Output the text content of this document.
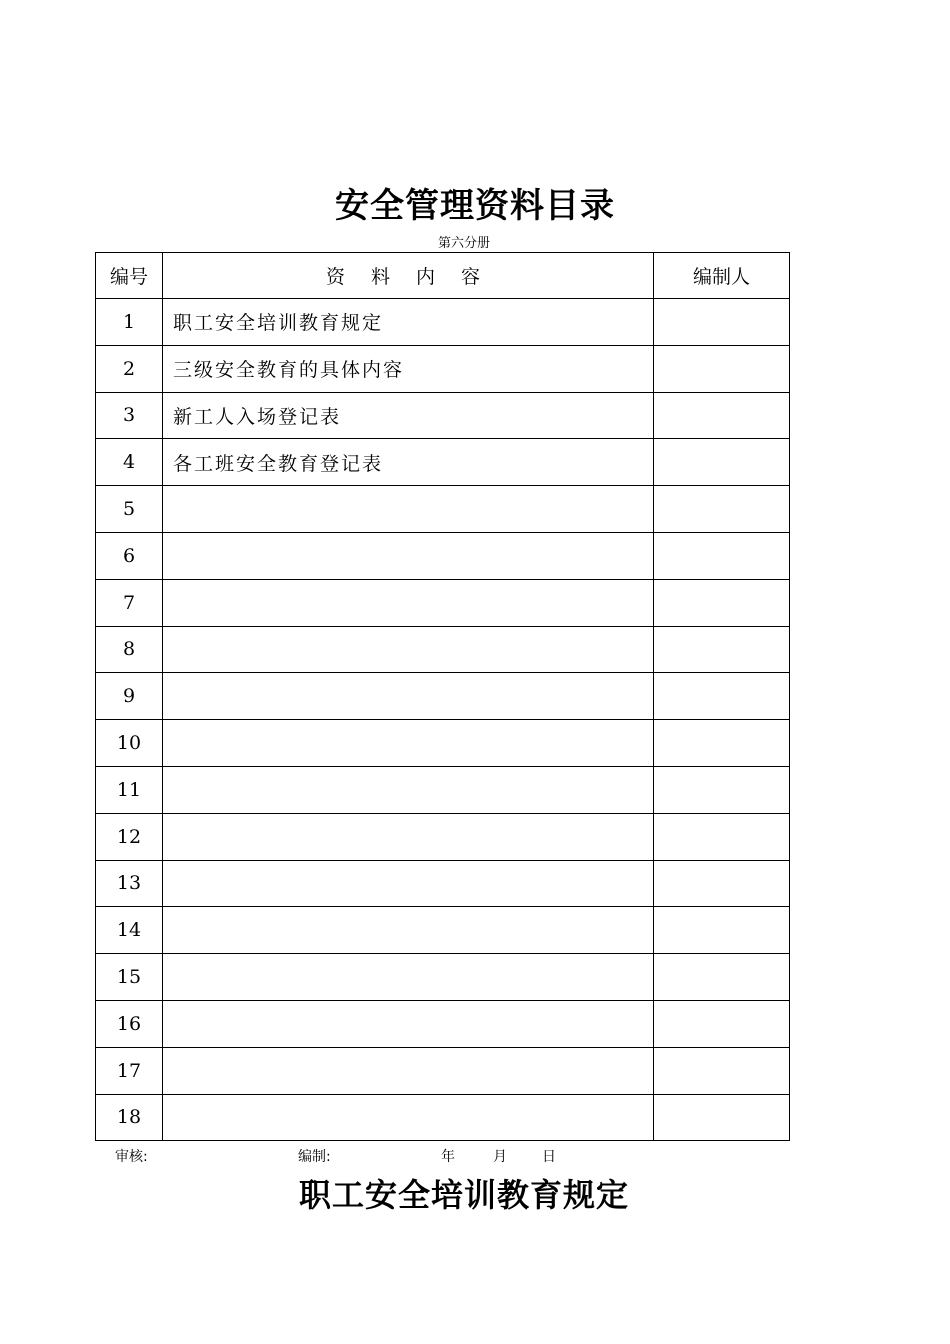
安全管理资料目录
第六分册
编号	资 料 内 容	编制人
1	职工安全培训教育规定	
2	三级安全教育的具体内容	
3	新工人入场登记表	
4	各工班安全教育登记表	
5		
6		
7		
8		
9		
10		
11		
12		
13		
14		
15		
16		
17		
18		
审核:	编制:	年	月	日
职工安全培训教育规定
